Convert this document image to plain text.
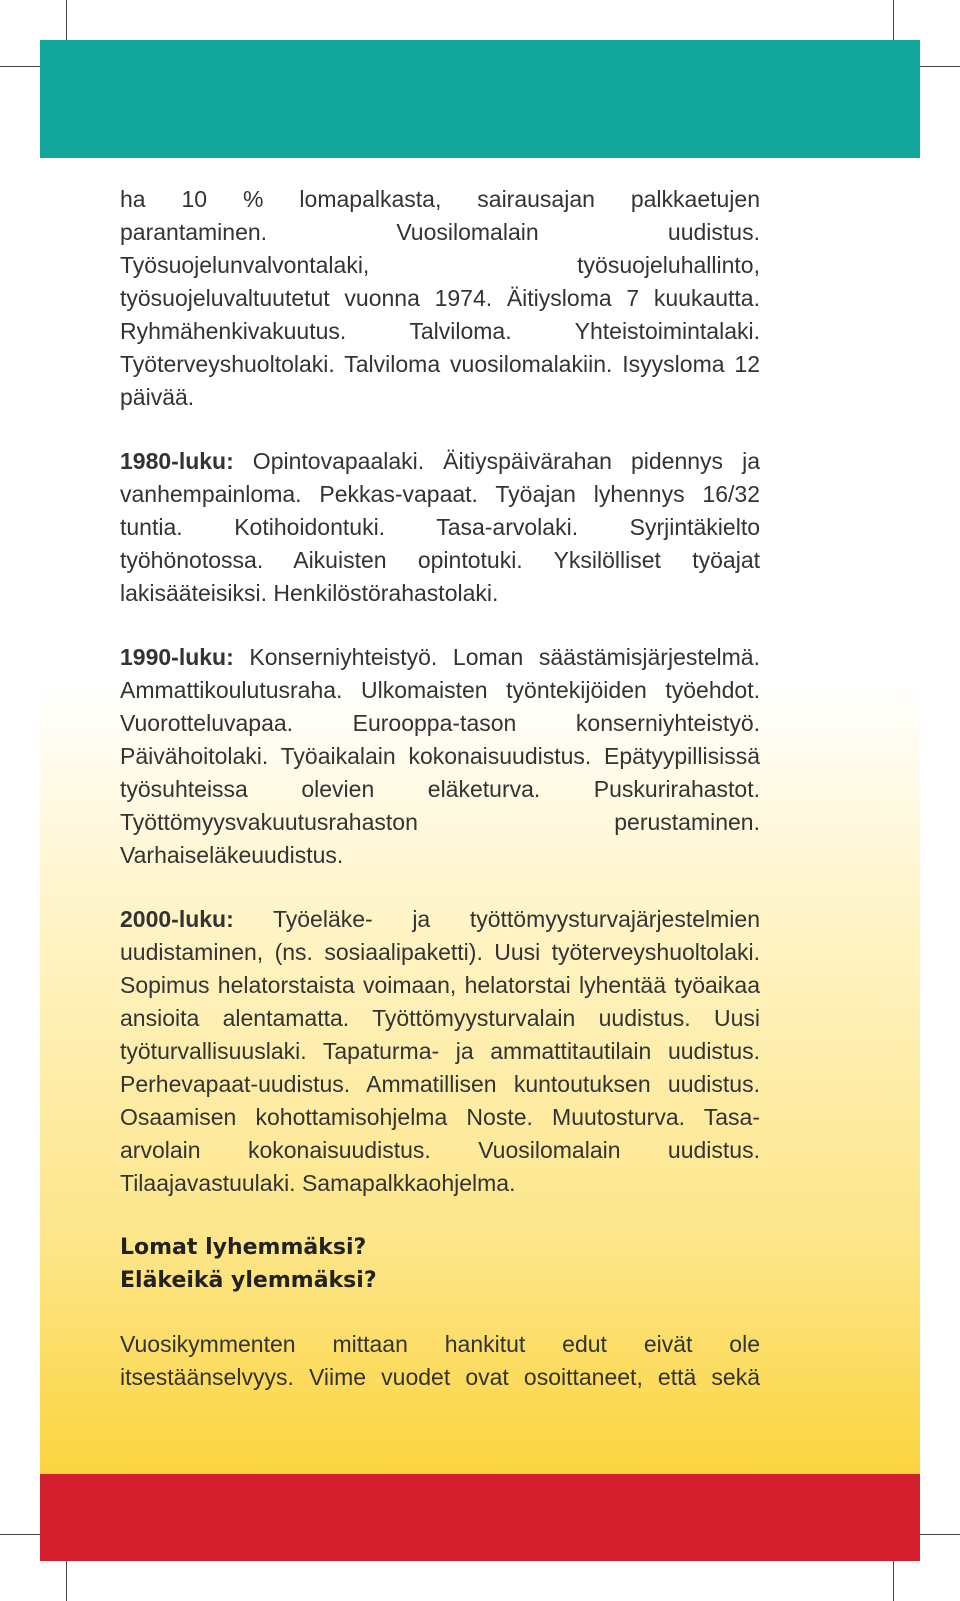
ha 10 % lomapalkasta, sairausajan palkkaetujen parantaminen. Vuosilomalain uudistus. Työsuojelunvalvontalaki, työsuojeluhallinto, työsuojeluvaltuutetut vuonna 1974. Äitiysloma 7 kuukautta. Ryhmähenkivakuutus. Talviloma. Yhteistoimintalaki. Työterveyshuoltolaki. Talviloma vuosilomalakiin. Isyysloma 12 päivää.

1980-luku: Opintovapaalaki. Äitiyspäivärahan pidennys ja vanhempainloma. Pekkas-vapaat. Työajan lyhennys 16/32 tuntia. Kotihoidontuki. Tasa-arvolaki. Syrjintäkielto työhönotossa. Aikuisten opintotuki. Yksilölliset työajat lakisääteisiksi. Henkilöstörahastolaki.

1990-luku: Konserniyhteistyö. Loman säästämisjärjestelmä. Ammattikoulutusraha. Ulkomaisten työntekijöiden työehdot. Vuorotteluvapaa. Eurooppa-tason konserniyhteistyö. Päivähoitolaki. Työaikalain kokonaisuudistus. Epätyypillisissä työsuhteissa olevien eläketurva. Puskurirahastot. Työttömyysvakuutusrahaston perustaminen. Varhaiseläkeuudistus.

2000-luku: Työeläke- ja työttömyysturvajärjestelmien uudistaminen, (ns. sosiaalipaketti). Uusi työterveyshuoltolaki. Sopimus helatorstaista voimaan, helatorstai lyhentää työaikaa ansioita alentamatta. Työttömyysturvalain uudistus. Uusi työturvallisuuslaki. Tapaturma- ja ammattitautilain uudistus. Perhevapaat-uudistus. Ammatillisen kuntoutuksen uudistus. Osaamisen kohottamisohjelma Noste. Muutosturva. Tasa-arvolain kokonaisuudistus. Vuosilomalain uudistus. Tilaajavastuulaki. Samapalkkaohjelma.

Lomat lyhemmäksi?
Eläkeikä ylemmäksi?

Vuosikymmenten mittaan hankitut edut eivät ole itsestäänselvyys. Viime vuodet ovat osoittaneet, että sekä
